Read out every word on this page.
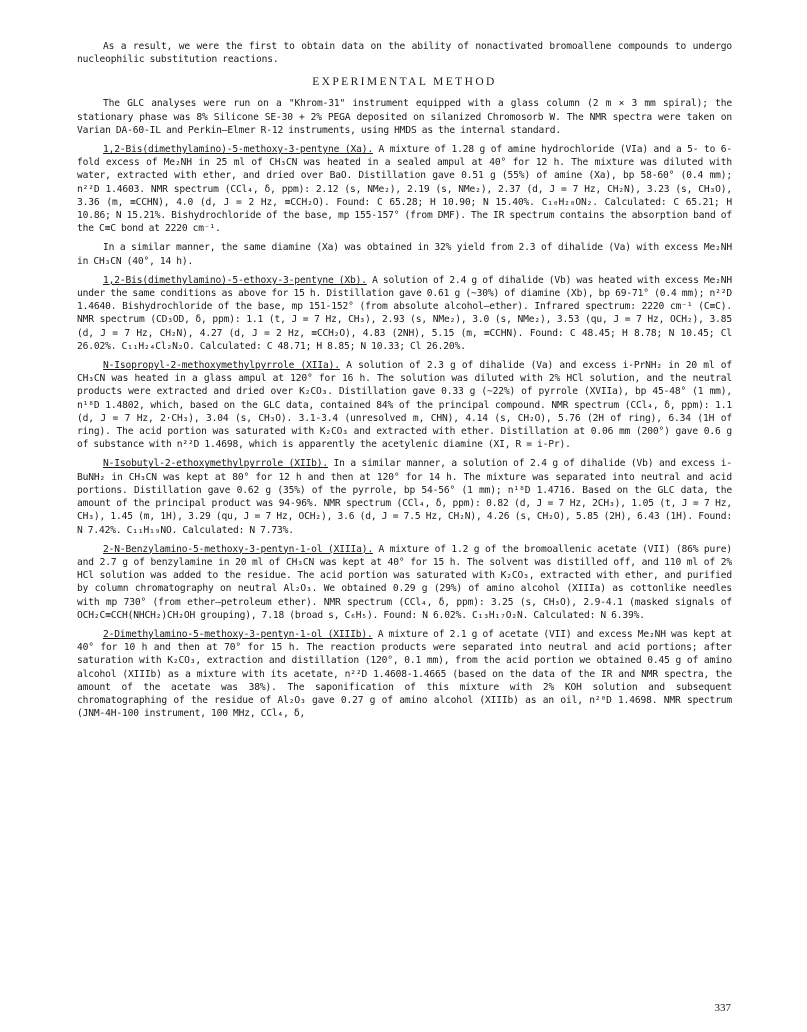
As a result, we were the first to obtain data on the ability of nonactivated bromoallene compounds to undergo nucleophilic substitution reactions.

EXPERIMENTAL METHOD

The GLC analyses were run on a "Khrom-31" instrument equipped with a glass column (2 m × 3 mm spiral); the stationary phase was 8% Silicone SE-30 + 2% PEGA deposited on silanized Chromosorb W. The NMR spectra were taken on Varian DA-60-IL and Perkin–Elmer R-12 instruments, using HMDS as the internal standard.

1,2-Bis(dimethylamino)-5-methoxy-3-pentyne (Xa). A mixture of 1.28 g of amine hydrochloride (VIa) and a 5- to 6-fold excess of Me₂NH in 25 ml of CH₃CN was heated in a sealed ampul at 40° for 12 h. The mixture was diluted with water, extracted with ether, and dried over BaO. Distillation gave 0.51 g (55%) of amine (Xa), bp 58-60° (0.4 mm); n²²D 1.4603. NMR spectrum (CCl₄, δ, ppm): 2.12 (s, NMe₂), 2.19 (s, NMe₂), 2.37 (d, J = 7 Hz, CH₂N), 3.23 (s, CH₃O), 3.36 (m, ≡CCHN), 4.0 (d, J = 2 Hz, ≡CCH₂O). Found: C 65.28; H 10.90; N 15.40%. C₁₀H₂₀ON₂. Calculated: C 65.21; H 10.86; N 15.21%. Bishydrochloride of the base, mp 155-157° (from DMF). The IR spectrum contains the absorption band of the C≡C bond at 2220 cm⁻¹.

In a similar manner, the same diamine (Xa) was obtained in 32% yield from 2.3 of dihalide (Va) with excess Me₂NH in CH₃CN (40°, 14 h).

1,2-Bis(dimethylamino)-5-ethoxy-3-pentyne (Xb). A solution of 2.4 g of dihalide (Vb) was heated with excess Me₂NH under the same conditions as above for 15 h. Distillation gave 0.61 g (~30%) of diamine (Xb), bp 69-71° (0.4 mm); n²²D 1.4640. Bishydrochloride of the base, mp 151-152° (from absolute alcohol–ether). Infrared spectrum: 2220 cm⁻¹ (C≡C). NMR spectrum (CD₃OD, δ, ppm): 1.1 (t, J = 7 Hz, CH₃), 2.93 (s, NMe₂), 3.0 (s, NMe₂), 3.53 (qu, J = 7 Hz, OCH₂), 3.85 (d, J = 7 Hz, CH₂N), 4.27 (d, J = 2 Hz, ≡CCH₂O), 4.83 (2NH), 5.15 (m, ≡CCHN). Found: C 48.45; H 8.78; N 10.45; Cl 26.02%. C₁₁H₂₄Cl₂N₂O. Calculated: C 48.71; H 8.85; N 10.33; Cl 26.20%.

N-Isopropyl-2-methoxymethylpyrrole (XIIa). A solution of 2.3 g of dihalide (Va) and excess i-PrNH₂ in 20 ml of CH₃CN was heated in a glass ampul at 120° for 16 h. The solution was diluted with 2% HCl solution, and the neutral products were extracted and dried over K₂CO₃. Distillation gave 0.33 g (~22%) of pyrrole (XVIIa), bp 45-48° (1 mm), n¹⁸D 1.4802, which, based on the GLC data, contained 84% of the principal compound. NMR spectrum (CCl₄, δ, ppm): 1.1 (d, J = 7 Hz, 2·CH₃), 3.04 (s, CH₃O). 3.1-3.4 (unresolved m, CHN), 4.14 (s, CH₂O), 5.76 (2H of ring), 6.34 (1H of ring). The acid portion was saturated with K₂CO₃ and extracted with ether. Distillation at 0.06 mm (200°) gave 0.6 g of substance with n²²D 1.4698, which is apparently the acetylenic diamine (XI, R = i-Pr).

N-Isobutyl-2-ethoxymethylpyrrole (XIIb). In a similar manner, a solution of 2.4 g of dihalide (Vb) and excess i-BuNH₂ in CH₃CN was kept at 80° for 12 h and then at 120° for 14 h. The mixture was separated into neutral and acid portions. Distillation gave 0.62 g (35%) of the pyrrole, bp 54-56° (1 mm); n¹⁸D 1.4716. Based on the GLC data, the amount of the principal product was 94-96%. NMR spectrum (CCl₄, δ, ppm): 0.82 (d, J = 7 Hz, 2CH₃), 1.05 (t, J = 7 Hz, CH₃), 1.45 (m, 1H), 3.29 (qu, J = 7 Hz, OCH₂), 3.6 (d, J = 7.5 Hz, CH₂N), 4.26 (s, CH₂O), 5.85 (2H), 6.43 (1H). Found: N 7.42%. C₁₁H₁₉NO. Calculated: N 7.73%.

2-N-Benzylamino-5-methoxy-3-pentyn-1-ol (XIIIa). A mixture of 1.2 g of the bromoallenic acetate (VII) (86% pure) and 2.7 g of benzylamine in 20 ml of CH₃CN was kept at 40° for 15 h. The solvent was distilled off, and 110 ml of 2% HCl solution was added to the residue. The acid portion was saturated with K₂CO₃, extracted with ether, and purified by column chromatography on neutral Al₂O₃. We obtained 0.29 g (29%) of amino alcohol (XIIIa) as cottonlike needles with mp 730° (from ether–petroleum ether). NMR spectrum (CCl₄, δ, ppm): 3.25 (s, CH₃O), 2.9-4.1 (masked signals of OCH₂C≡CCH(NHCH₂)CH₂OH grouping), 7.18 (broad s, C₆H₅). Found: N 6.02%. C₁₃H₁₇O₂N. Calculated: N 6.39%.

2-Dimethylamino-5-methoxy-3-pentyn-1-ol (XIIIb). A mixture of 2.1 g of acetate (VII) and excess Me₂NH was kept at 40° for 10 h and then at 70° for 15 h. The reaction products were separated into neutral and acid portions; after saturation with K₂CO₃, extraction and distillation (120°, 0.1 mm), from the acid portion we obtained 0.45 g of amino alcohol (XIIIb) as a mixture with its acetate, n²²D 1.4608-1.4665 (based on the data of the IR and NMR spectra, the amount of the acetate was 38%). The saponification of this mixture with 2% KOH solution and subsequent chromatographing of the residue of Al₂O₃ gave 0.27 g of amino alcohol (XIIIb) as an oil, n²⁰D 1.4698. NMR spectrum (JNM-4H-100 instrument, 100 MHz, CCl₄, δ,

337
